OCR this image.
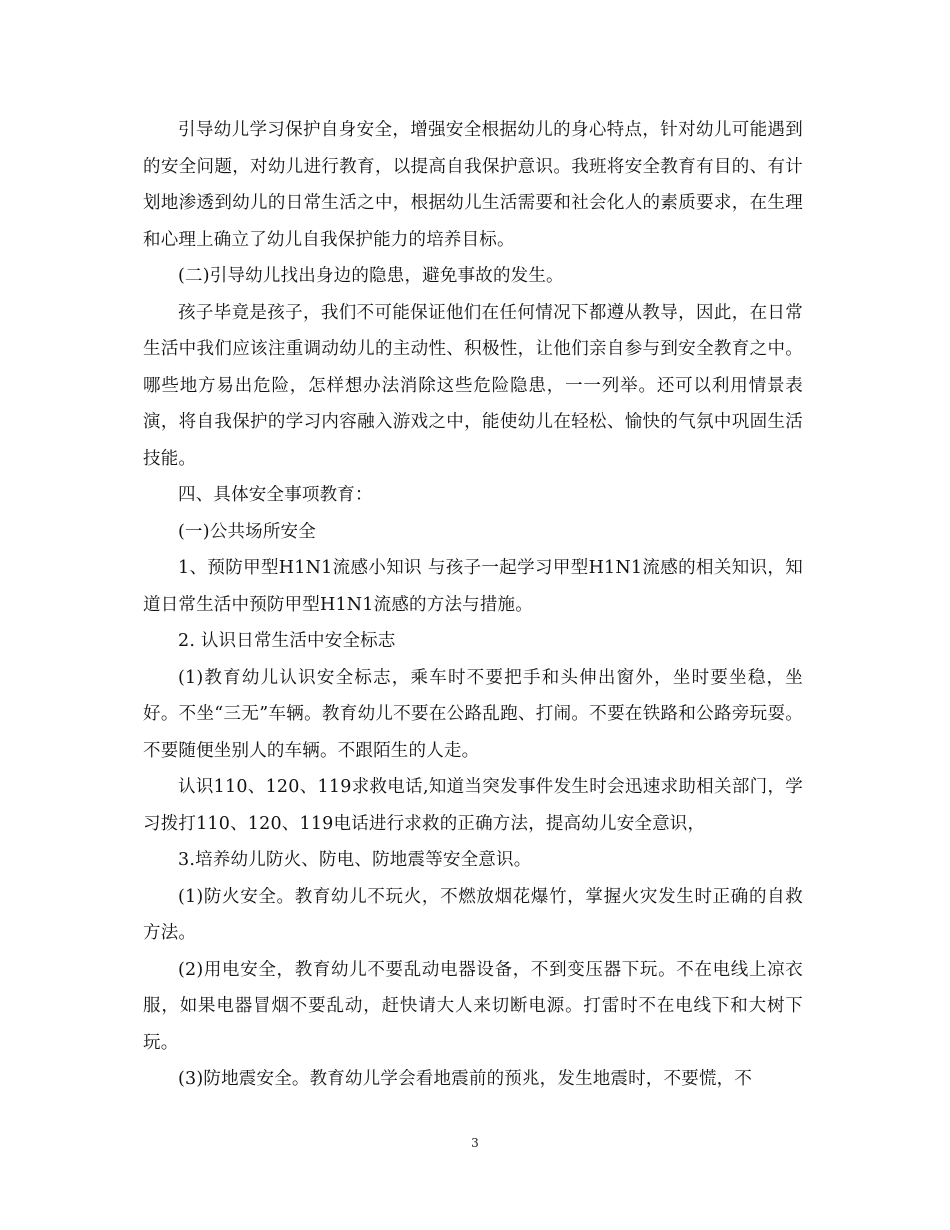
引导幼儿学习保护自身安全，增强安全根据幼儿的身心特点，针对幼儿可能遇到的安全问题，对幼儿进行教育，以提高自我保护意识。我班将安全教育有目的、有计划地渗透到幼儿的日常生活之中，根据幼儿生活需要和社会化人的素质要求，在生理和心理上确立了幼儿自我保护能力的培养目标。

(二)引导幼儿找出身边的隐患，避免事故的发生。

孩子毕竟是孩子，我们不可能保证他们在任何情况下都遵从教导，因此，在日常生活中我们应该注重调动幼儿的主动性、积极性，让他们亲自参与到安全教育之中。哪些地方易出危险，怎样想办法消除这些危险隐患，一一列举。还可以利用情景表演，将自我保护的学习内容融入游戏之中，能使幼儿在轻松、愉快的气氛中巩固生活技能。

四、具体安全事项教育：

(一)公共场所安全

1、预防甲型H1N1流感小知识 与孩子一起学习甲型H1N1流感的相关知识，知道日常生活中预防甲型H1N1流感的方法与措施。

2. 认识日常生活中安全标志

(1)教育幼儿认识安全标志，乘车时不要把手和头伸出窗外，坐时要坐稳，坐好。不坐“三无”车辆。教育幼儿不要在公路乱跑、打闹。不要在铁路和公路旁玩耍。不要随便坐别人的车辆。不跟陌生的人走。

认识110、120、119求救电话,知道当突发事件发生时会迅速求助相关部门，学习拨打110、120、119电话进行求救的正确方法，提高幼儿安全意识，

3.培养幼儿防火、防电、防地震等安全意识。

(1)防火安全。教育幼儿不玩火，不燃放烟花爆竹，掌握火灾发生时正确的自救方法。

(2)用电安全，教育幼儿不要乱动电器设备，不到变压器下玩。不在电线上凉衣服，如果电器冒烟不要乱动，赶快请大人来切断电源。打雷时不在电线下和大树下玩。

(3)防地震安全。教育幼儿学会看地震前的预兆，发生地震时，不要慌，不

3
